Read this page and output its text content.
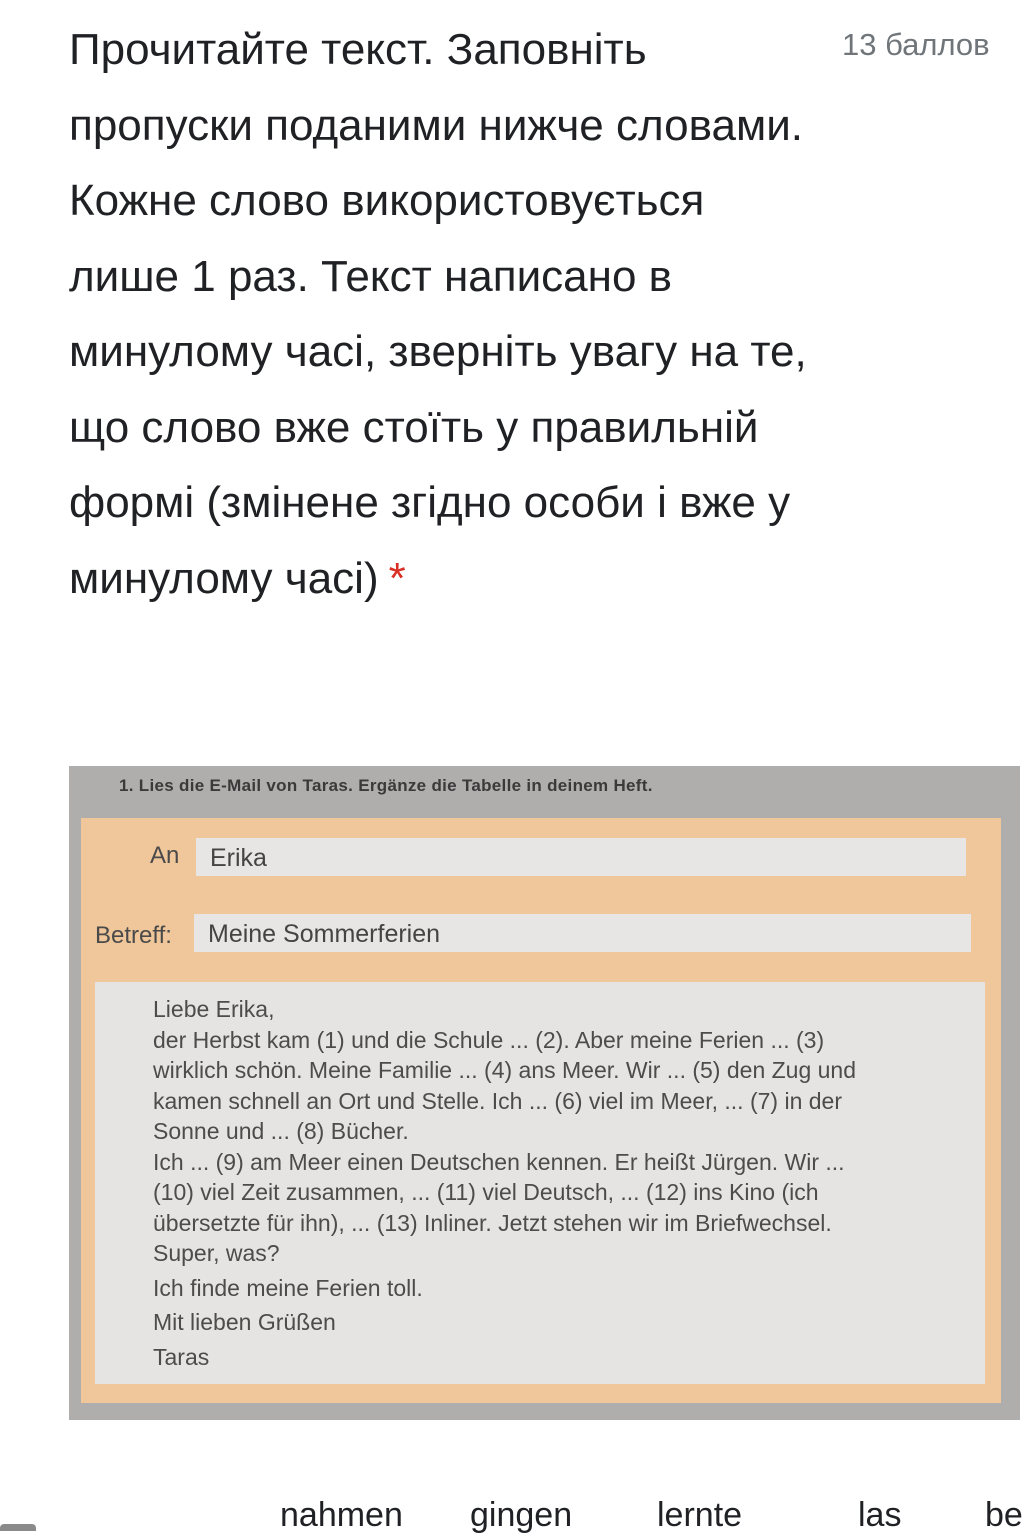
Прочитайте текст. Заповніть пропуски поданими нижче словами. Кожне слово використовується лише 1 раз. Текст написано в минулому часі, зверніть увагу на те, що слово вже стоїть у правильній формі (змінене згідно особи і вже у минулому часі) *

13 баллов
1. Lies die E-Mail von Taras. Ergänze die Tabelle in deinem Heft.
An	Erika
Betreff:	Meine Sommerferien

Liebe Erika,

der Herbst kam (1) und die Schule ... (2). Aber meine Ferien ... (3)

wirklich schön. Meine Familie ... (4) ans Meer. Wir ... (5) den Zug und

kamen schnell an Ort und Stelle. Ich ... (6) viel im Meer, ... (7) in der

Sonne und ... (8) Bücher.

Ich ... (9) am Meer einen Deutschen kennen. Er heißt Jürgen. Wir ...

(10) viel Zeit zusammen, ... (11) viel Deutsch, ... (12) ins Kino (ich

übersetzte für ihn), ... (13) Inliner. Jetzt stehen wir im Briefwechsel.

Super, was?

Ich finde meine Ferien toll.

Mit lieben Grüßen

Taras

nahmen gingen lernte	las be
